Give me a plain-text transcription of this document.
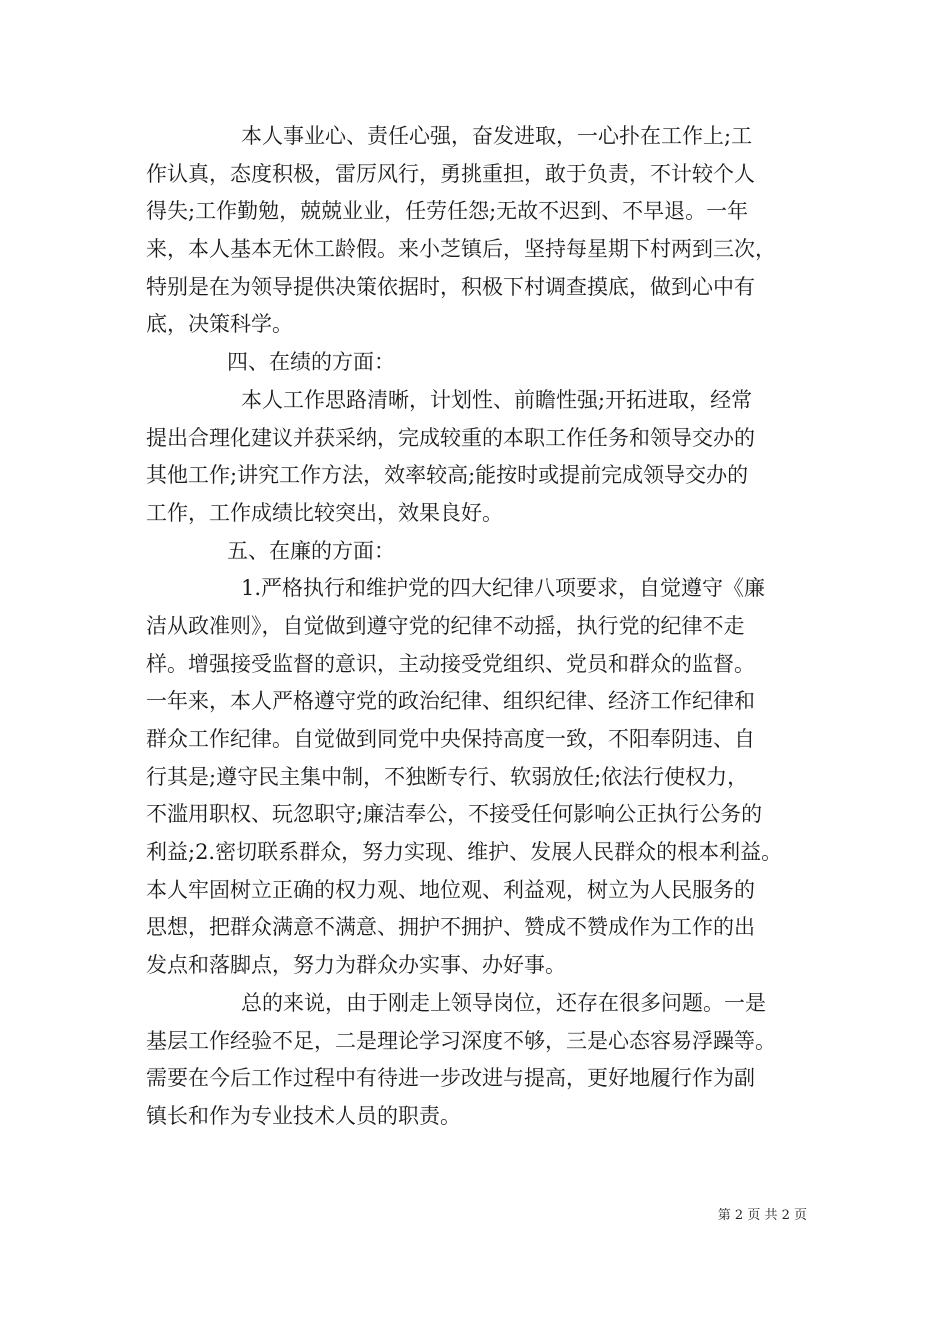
本人事业心、责任心强，奋发进取，一心扑在工作上;工
作认真，态度积极，雷厉风行，勇挑重担，敢于负责，不计较个人
得失;工作勤勉，兢兢业业，任劳任怨;无故不迟到、不早退。一年
来，本人基本无休工龄假。来小芝镇后，坚持每星期下村两到三次，
特别是在为领导提供决策依据时，积极下村调查摸底，做到心中有
底，决策科学。
四、在绩的方面：
本人工作思路清晰，计划性、前瞻性强;开拓进取，经常
提出合理化建议并获采纳，完成较重的本职工作任务和领导交办的
其他工作;讲究工作方法，效率较高;能按时或提前完成领导交办的
工作，工作成绩比较突出，效果良好。
五、在廉的方面：
1.严格执行和维护党的四大纪律八项要求，自觉遵守《廉
洁从政准则》，自觉做到遵守党的纪律不动摇，执行党的纪律不走
样。增强接受监督的意识，主动接受党组织、党员和群众的监督。
一年来，本人严格遵守党的政治纪律、组织纪律、经济工作纪律和
群众工作纪律。自觉做到同党中央保持高度一致，不阳奉阴违、自
行其是;遵守民主集中制，不独断专行、软弱放任;依法行使权力，
不滥用职权、玩忽职守;廉洁奉公，不接受任何影响公正执行公务的
利益;2.密切联系群众，努力实现、维护、发展人民群众的根本利益。
本人牢固树立正确的权力观、地位观、利益观，树立为人民服务的
思想，把群众满意不满意、拥护不拥护、赞成不赞成作为工作的出
发点和落脚点，努力为群众办实事、办好事。
总的来说，由于刚走上领导岗位，还存在很多问题。一是
基层工作经验不足，二是理论学习深度不够，三是心态容易浮躁等。
需要在今后工作过程中有待进一步改进与提高，更好地履行作为副
镇长和作为专业技术人员的职责。
第 2 页 共 2 页
